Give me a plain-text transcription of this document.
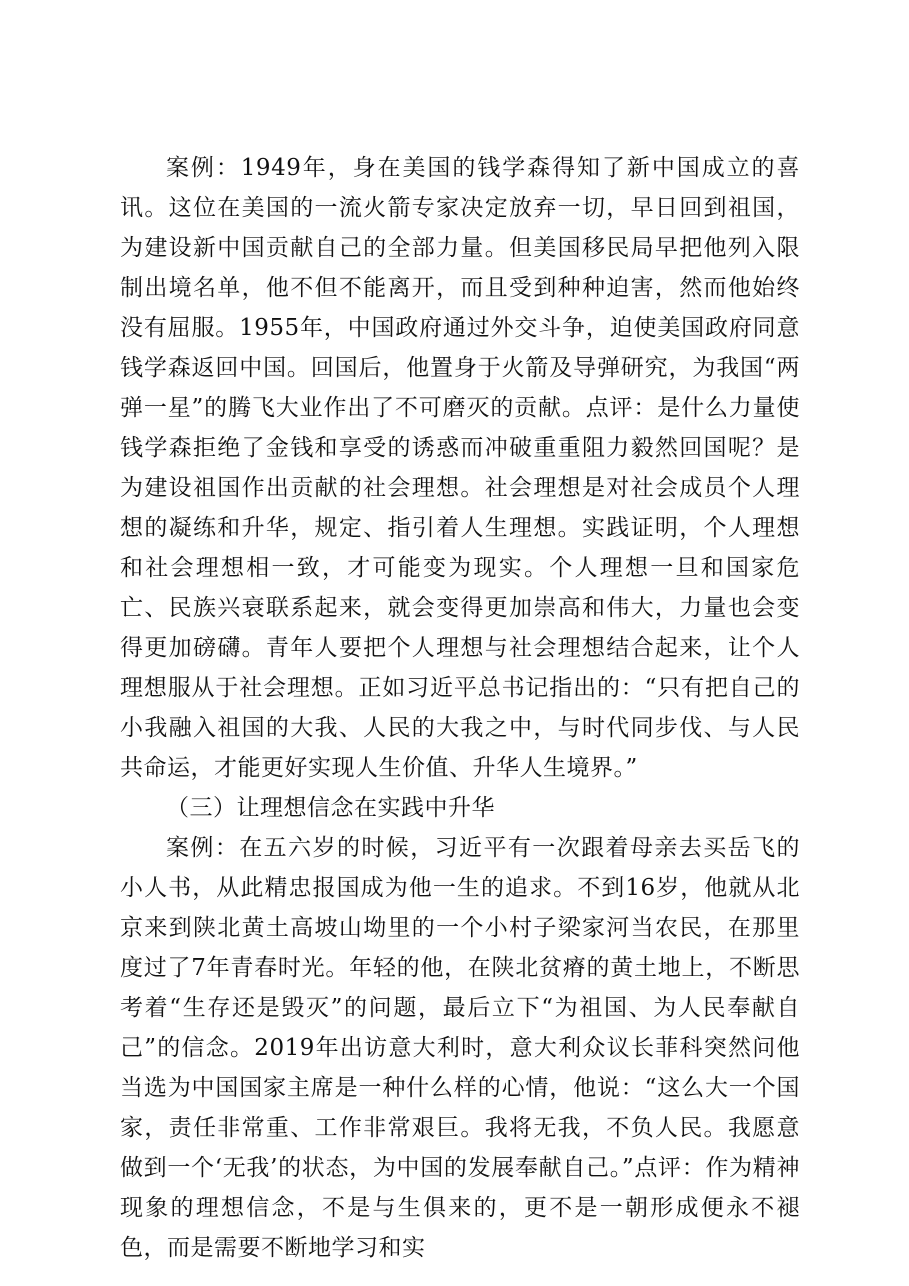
案例：1949年，身在美国的钱学森得知了新中国成立的喜讯。这位在美国的一流火箭专家决定放弃一切，早日回到祖国，为建设新中国贡献自己的全部力量。但美国移民局早把他列入限制出境名单，他不但不能离开，而且受到种种迫害，然而他始终没有屈服。1955年，中国政府通过外交斗争，迫使美国政府同意钱学森返回中国。回国后，他置身于火箭及导弹研究，为我国“两弹一星”的腾飞大业作出了不可磨灭的贡献。点评：是什么力量使钱学森拒绝了金钱和享受的诱惑而冲破重重阻力毅然回国呢？是为建设祖国作出贡献的社会理想。社会理想是对社会成员个人理想的凝练和升华，规定、指引着人生理想。实践证明，个人理想和社会理想相一致，才可能变为现实。个人理想一旦和国家危亡、民族兴衰联系起来，就会变得更加崇高和伟大，力量也会变得更加磅礴。青年人要把个人理想与社会理想结合起来，让个人理想服从于社会理想。正如习近平总书记指出的：“只有把自己的小我融入祖国的大我、人民的大我之中，与时代同步伐、与人民共命运，才能更好实现人生价值、升华人生境界。”

（三）让理想信念在实践中升华

案例：在五六岁的时候，习近平有一次跟着母亲去买岳飞的小人书，从此精忠报国成为他一生的追求。不到16岁，他就从北京来到陕北黄土高坡山坳里的一个小村子梁家河当农民，在那里度过了7年青春时光。年轻的他，在陕北贫瘠的黄土地上，不断思考着“生存还是毁灭”的问题，最后立下“为祖国、为人民奉献自己”的信念。2019年出访意大利时，意大利众议长菲科突然问他当选为中国国家主席是一种什么样的心情，他说：“这么大一个国家，责任非常重、工作非常艰巨。我将无我，不负人民。我愿意做到一个‘无我’的状态，为中国的发展奉献自己。”点评：作为精神现象的理想信念，不是与生俱来的，更不是一朝形成便永不褪色，而是需要不断地学习和实
